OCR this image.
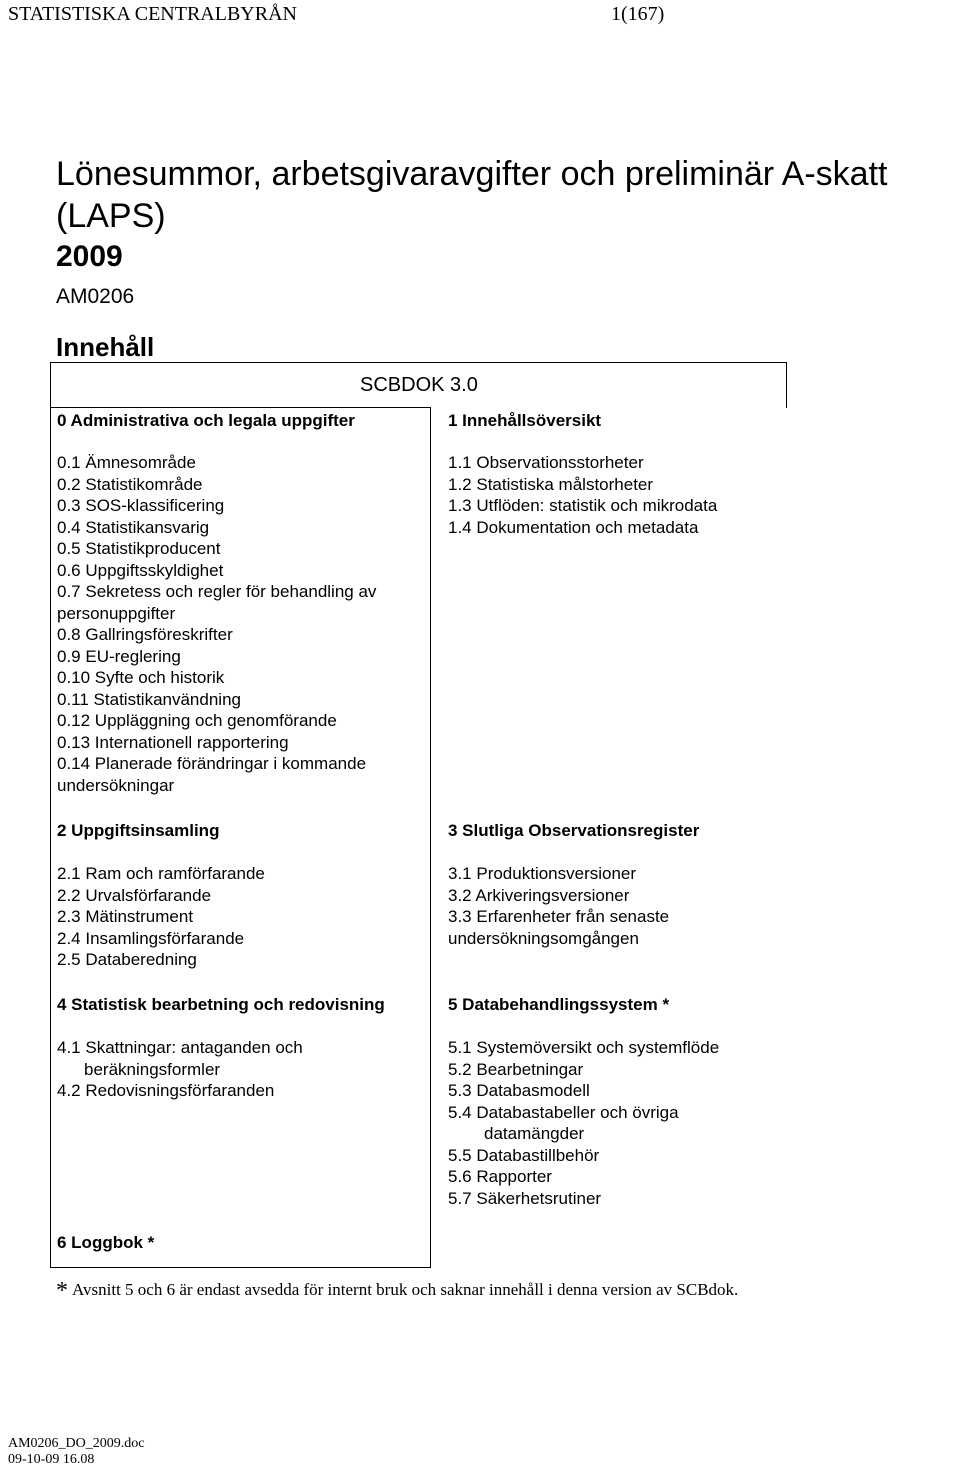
STATISTISKA CENTRALBYRÅN	1(167)
Lönesummor, arbetsgivaravgifter och preliminär A-skatt
(LAPS)
2009
AM0206
Innehåll
SCBDOK 3.0
0 Administrativa och legala uppgifter
0.1 Ämnesområde
0.2 Statistikområde
0.3 SOS-klassificering
0.4 Statistikansvarig
0.5 Statistikproducent
0.6 Uppgiftsskyldighet
0.7 Sekretess och regler för behandling av
personuppgifter
0.8 Gallringsföreskrifter
0.9 EU-reglering
0.10 Syfte och historik
0.11 Statistikanvändning
0.12 Uppläggning och genomförande
0.13 Internationell rapportering
0.14 Planerade förändringar i kommande
undersökningar
1 Innehållsöversikt
1.1 Observationsstorheter
1.2 Statistiska målstorheter
1.3 Utflöden: statistik och mikrodata
1.4 Dokumentation och metadata
2 Uppgiftsinsamling
2.1 Ram och ramförfarande
2.2 Urvalsförfarande
2.3 Mätinstrument
2.4 Insamlingsförfarande
2.5 Databeredning
3 Slutliga Observationsregister
3.1 Produktionsversioner
3.2 Arkiveringsversioner
3.3 Erfarenheter från senaste
undersökningsomgången
4 Statistisk bearbetning och redovisning
4.1 Skattningar: antaganden och
beräkningsformler
4.2 Redovisningsförfaranden
5 Databehandlingssystem *
5.1 Systemöversikt och systemflöde
5.2 Bearbetningar
5.3 Databasmodell
5.4 Databastabeller och övriga
datamängder
5.5 Databastillbehör
5.6 Rapporter
5.7 Säkerhetsrutiner
6 Loggbok *
* Avsnitt 5 och 6 är endast avsedda för internt bruk och saknar innehåll i denna version av SCBdok.
AM0206_DO_2009.doc
09-10-09 16.08
